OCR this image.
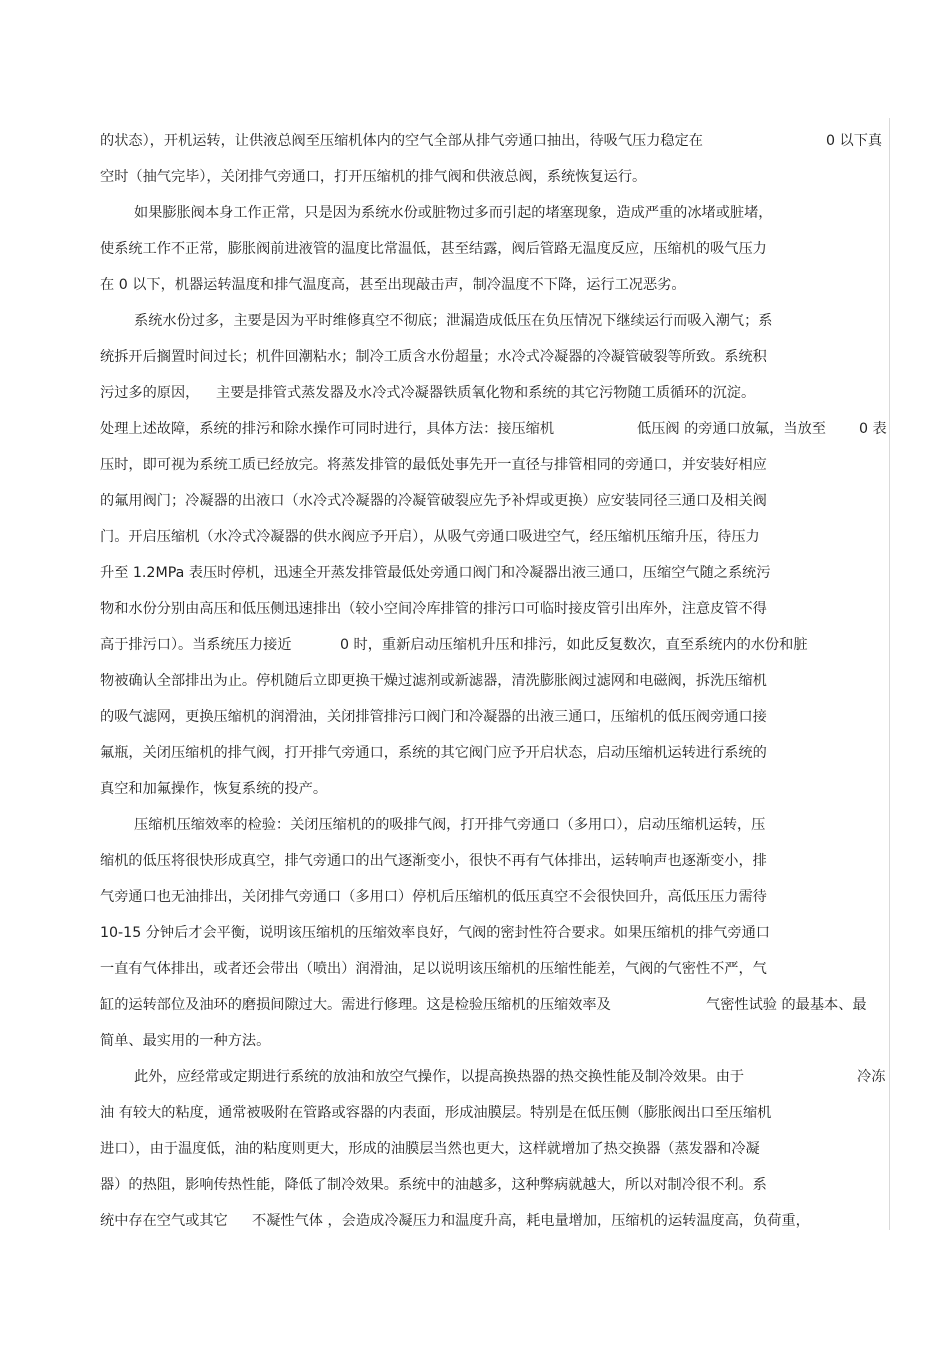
的状态），开机运转，让供液总阀至压缩机体内的空气全部从排气旁通口抽出，待吸气压力稳定在	0 以下真
空时（抽气完毕），关闭排气旁通口，打开压缩机的排气阀和供液总阀，系统恢复运行。
如果膨胀阀本身工作正常，只是因为系统水份或脏物过多而引起的堵塞现象，造成严重的冰堵或脏堵，
使系统工作不正常，膨胀阀前进液管的温度比常温低，甚至结露，阀后管路无温度反应，压缩机的吸气压力
在 0 以下，机器运转温度和排气温度高，甚至出现敲击声，制冷温度不下降，运行工况恶劣。
系统水份过多，主要是因为平时维修真空不彻底；泄漏造成低压在负压情况下继续运行而吸入潮气；系
统拆开后搁置时间过长；机件回潮粘水；制冷工质含水份超量；水冷式冷凝器的冷凝管破裂等所致。系统积
污过多的原因， 主要是排管式蒸发器及水冷式冷凝器铁质氧化物和系统的其它污物随工质循环的沉淀。
处理上述故障，系统的排污和除水操作可同时进行，具体方法：接压缩机	低压阀 的旁通口放氟，当放至 0 表
压时，即可视为系统工质已经放完。将蒸发排管的最低处事先开一直径与排管相同的旁通口，并安装好相应
的氟用阀门；冷凝器的出液口（水冷式冷凝器的冷凝管破裂应先予补焊或更换）应安装同径三通口及相关阀
门。开启压缩机（水冷式冷凝器的供水阀应予开启），从吸气旁通口吸进空气，经压缩机压缩升压，待压力
升至 1.2MPa 表压时停机，迅速全开蒸发排管最低处旁通口阀门和冷凝器出液三通口，压缩空气随之系统污
物和水份分别由高压和低压侧迅速排出（较小空间冷库排管的排污口可临时接皮管引出库外，注意皮管不得
高于排污口）。当系统压力接近	0 时，重新启动压缩机升压和排污，如此反复数次，直至系统内的水份和脏
物被确认全部排出为止。停机随后立即更换干燥过滤剂或新滤器，清洗膨胀阀过滤网和电磁阀，拆洗压缩机
的吸气滤网，更换压缩机的润滑油，关闭排管排污口阀门和冷凝器的出液三通口，压缩机的低压阀旁通口接
氟瓶，关闭压缩机的排气阀，打开排气旁通口，系统的其它阀门应予开启状态，启动压缩机运转进行系统的
真空和加氟操作，恢复系统的投产。
压缩机压缩效率的检验：关闭压缩机的的吸排气阀，打开排气旁通口（多用口），启动压缩机运转，压
缩机的低压将很快形成真空，排气旁通口的出气逐渐变小，很快不再有气体排出，运转响声也逐渐变小，排
气旁通口也无油排出，关闭排气旁通口（多用口）停机后压缩机的低压真空不会很快回升，高低压压力需待
10-15 分钟后才会平衡，说明该压缩机的压缩效率良好，气阀的密封性符合要求。如果压缩机的排气旁通口
一直有气体排出，或者还会带出（喷出）润滑油，足以说明该压缩机的压缩性能差，气阀的气密性不严，气
缸的运转部位及油环的磨损间隙过大。需进行修理。这是检验压缩机的压缩效率及	气密性试验 的最基本、最
简单、最实用的一种方法。
此外，应经常或定期进行系统的放油和放空气操作，以提高换热器的热交换性能及制冷效果。由于	冷冻
油 有较大的粘度，通常被吸附在管路或容器的内表面，形成油膜层。特别是在低压侧（膨胀阀出口至压缩机
进口），由于温度低，油的粘度则更大，形成的油膜层当然也更大，这样就增加了热交换器（蒸发器和冷凝
器）的热阻，影响传热性能，降低了制冷效果。系统中的油越多，这种弊病就越大，所以对制冷很不利。系
统中存在空气或其它 不凝性气体 ，会造成冷凝压力和温度升高，耗电量增加，压缩机的运转温度高，负荷重，
